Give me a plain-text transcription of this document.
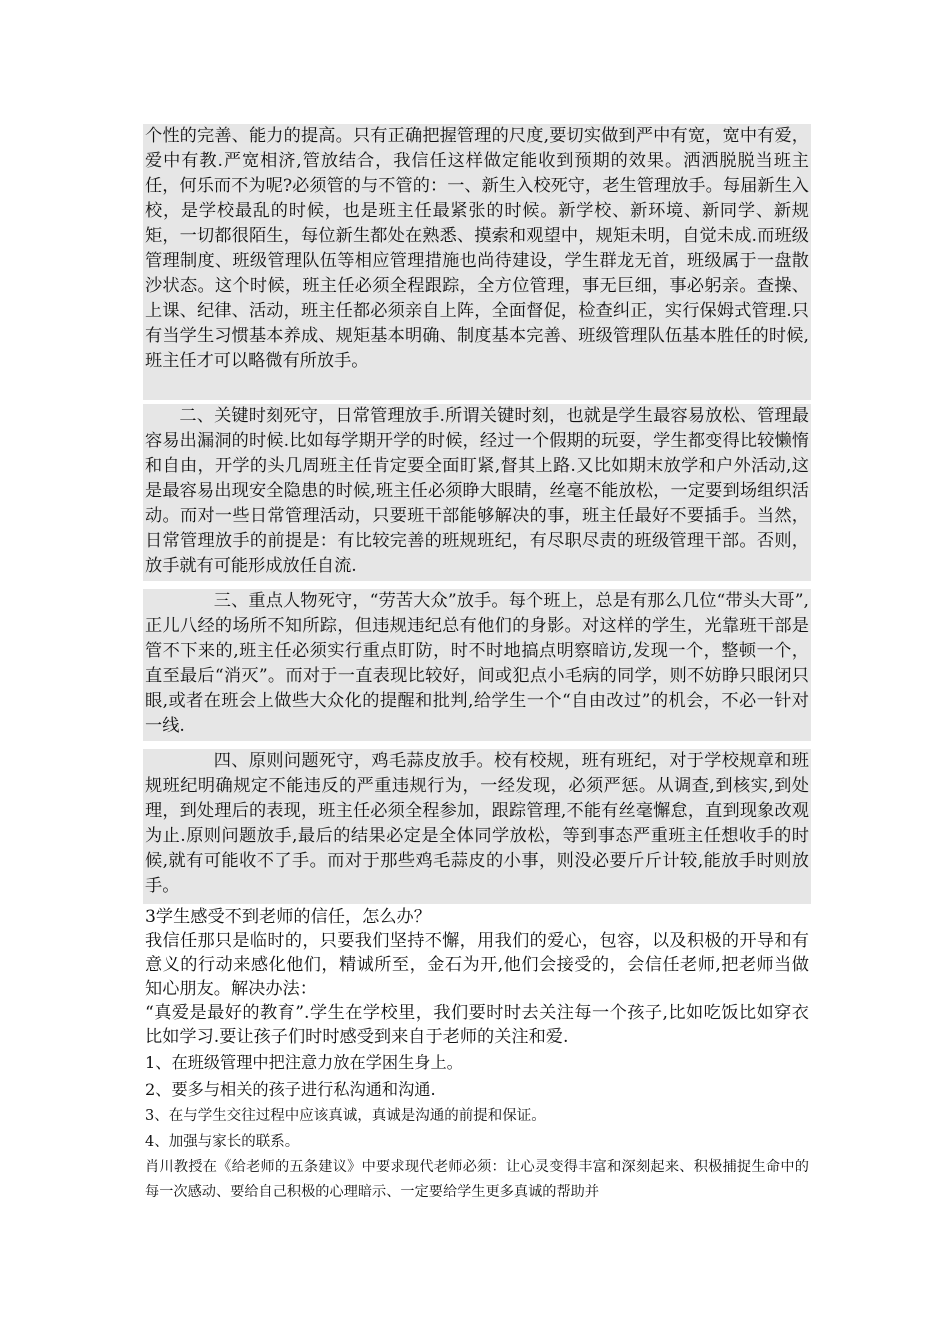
个性的完善、能力的提高。只有正确把握管理的尺度,要切实做到严中有宽，宽中有爱，爱中有教.严宽相济,管放结合，我信任这样做定能收到预期的效果。洒洒脱脱当班主任，何乐而不为呢?必须管的与不管的：一、新生入校死守，老生管理放手。每届新生入校，是学校最乱的时候，也是班主任最紧张的时候。新学校、新环境、新同学、新规矩，一切都很陌生，每位新生都处在熟悉、摸索和观望中，规矩未明，自觉未成.而班级管理制度、班级管理队伍等相应管理措施也尚待建设，学生群龙无首，班级属于一盘散沙状态。这个时候，班主任必须全程跟踪，全方位管理，事无巨细，事必躬亲。查操、上课、纪律、活动，班主任都必须亲自上阵，全面督促，检查纠正，实行保姆式管理.只有当学生习惯基本养成、规矩基本明确、制度基本完善、班级管理队伍基本胜任的时候,班主任才可以略微有所放手。

二、关键时刻死守，日常管理放手.所谓关键时刻，也就是学生最容易放松、管理最容易出漏洞的时候.比如每学期开学的时候，经过一个假期的玩耍，学生都变得比较懒惰和自由，开学的头几周班主任肯定要全面盯紧,督其上路.又比如期末放学和户外活动,这是最容易出现安全隐患的时候,班主任必须睁大眼睛，丝毫不能放松，一定要到场组织活动。而对一些日常管理活动，只要班干部能够解决的事，班主任最好不要插手。当然，日常管理放手的前提是：有比较完善的班规班纪，有尽职尽责的班级管理干部。否则，放手就有可能形成放任自流.

三、重点人物死守，“劳苦大众”放手。每个班上，总是有那么几位“带头大哥”,正儿八经的场所不知所踪，但违规违纪总有他们的身影。对这样的学生，光靠班干部是管不下来的,班主任必须实行重点盯防，时不时地搞点明察暗访,发现一个，整顿一个，直至最后“消灭”。而对于一直表现比较好，间或犯点小毛病的同学，则不妨睁只眼闭只眼,或者在班会上做些大众化的提醒和批判,给学生一个“自由改过”的机会，不必一针对一线.

四、原则问题死守，鸡毛蒜皮放手。校有校规，班有班纪，对于学校规章和班规班纪明确规定不能违反的严重违规行为，一经发现，必须严惩。从调查,到核实,到处理，到处理后的表现，班主任必须全程参加，跟踪管理,不能有丝毫懈怠，直到现象改观为止.原则问题放手,最后的结果必定是全体同学放松，等到事态严重班主任想收手的时候,就有可能收不了手。而对于那些鸡毛蒜皮的小事，则没必要斤斤计较,能放手时则放手。

3学生感受不到老师的信任，怎么办？

我信任那只是临时的，只要我们坚持不懈，用我们的爱心，包容，以及积极的开导和有意义的行动来感化他们，精诚所至，金石为开,他们会接受的，会信任老师,把老师当做知心朋友。解决办法：

“真爱是最好的教育”.学生在学校里，我们要时时去关注每一个孩子,比如吃饭比如穿衣比如学习.要让孩子们时时感受到来自于老师的关注和爱.

1、在班级管理中把注意力放在学困生身上。

2、要多与相关的孩子进行私沟通和沟通.

3、在与学生交往过程中应该真诚，真诚是沟通的前提和保证。

4、加强与家长的联系。

肖川教授在《给老师的五条建议》中要求现代老师必须：让心灵变得丰富和深刻起来、积极捕捉生命中的每一次感动、要给自己积极的心理暗示、一定要给学生更多真诚的帮助并
